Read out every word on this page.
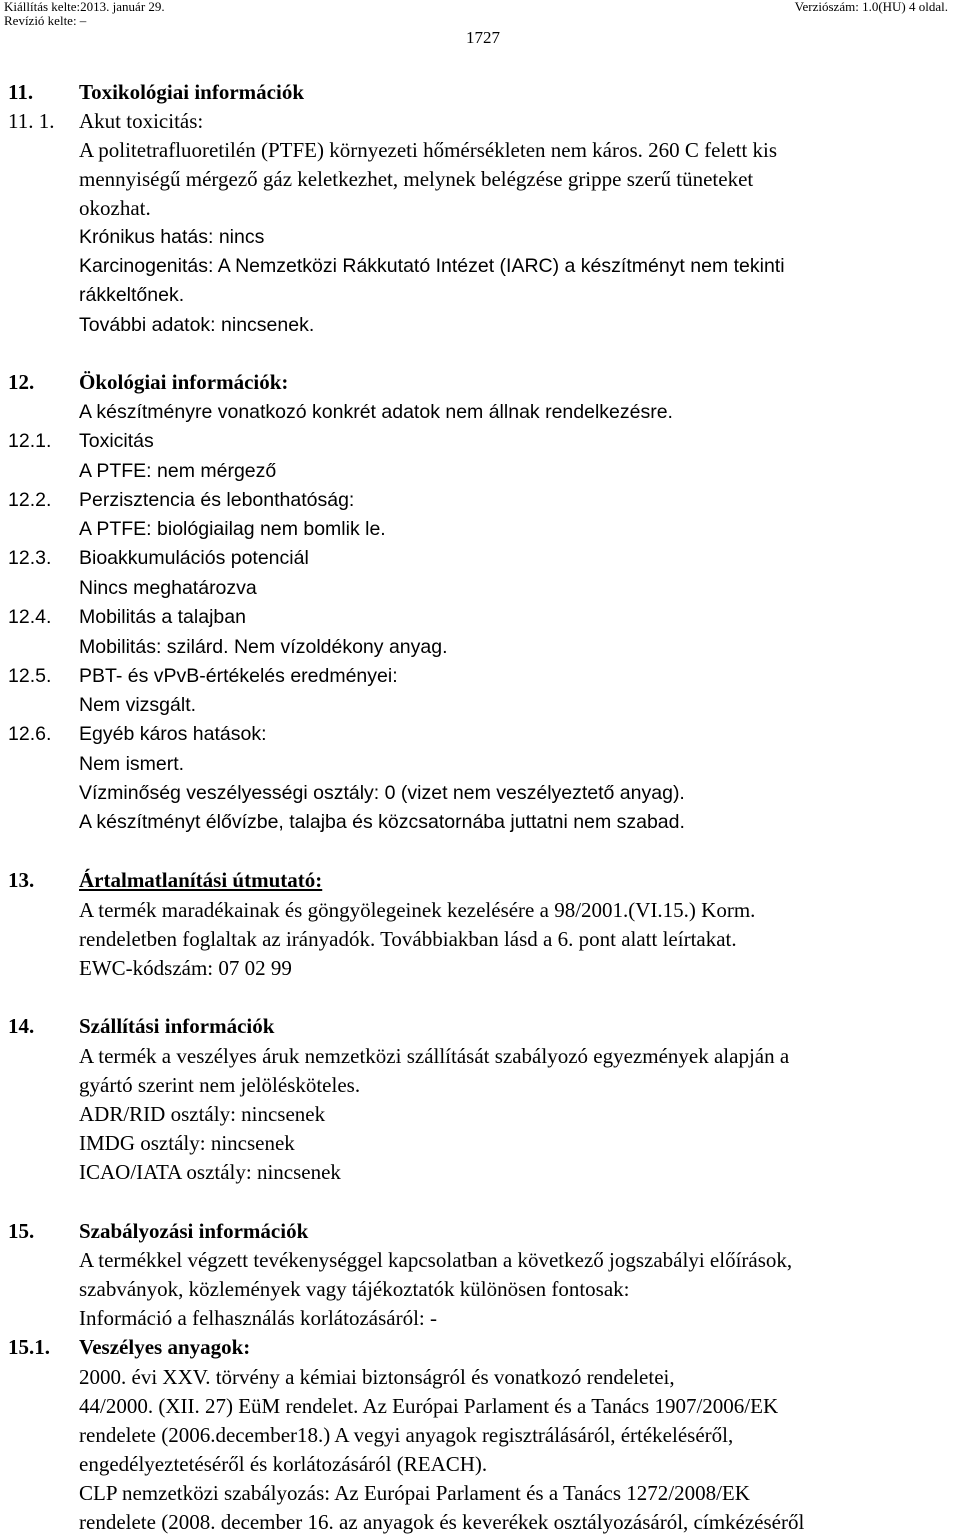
Kiállítás kelte:2013. január 29.
Revízió kelte: –
Verziószám: 1.0(HU) 4 oldal.
1727
11. Toxikológiai információk
11. 1. Akut toxicitás:
A politetrafluoretilén (PTFE) környezeti hőmérsékleten nem káros. 260 C felett kis
mennyiségű mérgező gáz keletkezhet, melynek belégzése grippe szerű tüneteket
okozhat.
Krónikus hatás: nincs
Karcinogenitás: A Nemzetközi Rákkutató Intézet (IARC) a készítményt nem tekinti
rákkeltőnek.
További adatok: nincsenek.
12. Ökológiai információk:
A készítményre vonatkozó konkrét adatok nem állnak rendelkezésre.
12.1. Toxicitás
A PTFE: nem mérgező
12.2. Perzisztencia és lebonthatóság:
A PTFE: biológiailag nem bomlik le.
12.3. Bioakkumulációs potenciál
Nincs meghatározva
12.4. Mobilitás a talajban
Mobilitás: szilárd. Nem vízoldékony anyag.
12.5. PBT- és vPvB-értékelés eredményei:
Nem vizsgált.
12.6. Egyéb káros hatások:
Nem ismert.
Vízminőség veszélyességi osztály: 0 (vizet nem veszélyeztető anyag).
A készítményt élővízbe, talajba és közcsatornába juttatni nem szabad.
13. Ártalmatlanítási útmutató:
A termék maradékainak és göngyölegeinek kezelésére a 98/2001.(VI.15.) Korm.
rendeletben foglaltak az irányadók. Továbbiakban lásd a 6. pont alatt leírtakat.
EWC-kódszám: 07 02 99
14. Szállítási információk
A termék a veszélyes áruk nemzetközi szállítását szabályozó egyezmények alapján a
gyártó szerint nem jelölésköteles.
ADR/RID osztály: nincsenek
IMDG osztály: nincsenek
ICAO/IATA osztály: nincsenek
15. Szabályozási információk
A termékkel végzett tevékenységgel kapcsolatban a következő jogszabályi előírások,
szabványok, közlemények vagy tájékoztatók különösen fontosak:
Információ a felhasználás korlátozásáról: -
15.1. Veszélyes anyagok:
2000. évi XXV. törvény a kémiai biztonságról és vonatkozó rendeletei,
44/2000. (XII. 27) EüM rendelet. Az Európai Parlament és a Tanács 1907/2006/EK
rendelete (2006.december18.) A vegyi anyagok regisztrálásáról, értékeléséről,
engedélyeztetéséről és korlátozásáról (REACH).
CLP nemzetközi szabályozás: Az Európai Parlament és a Tanács 1272/2008/EK
rendelete (2008. december 16. az anyagok és keverékek osztályozásáról, címkézéséről
